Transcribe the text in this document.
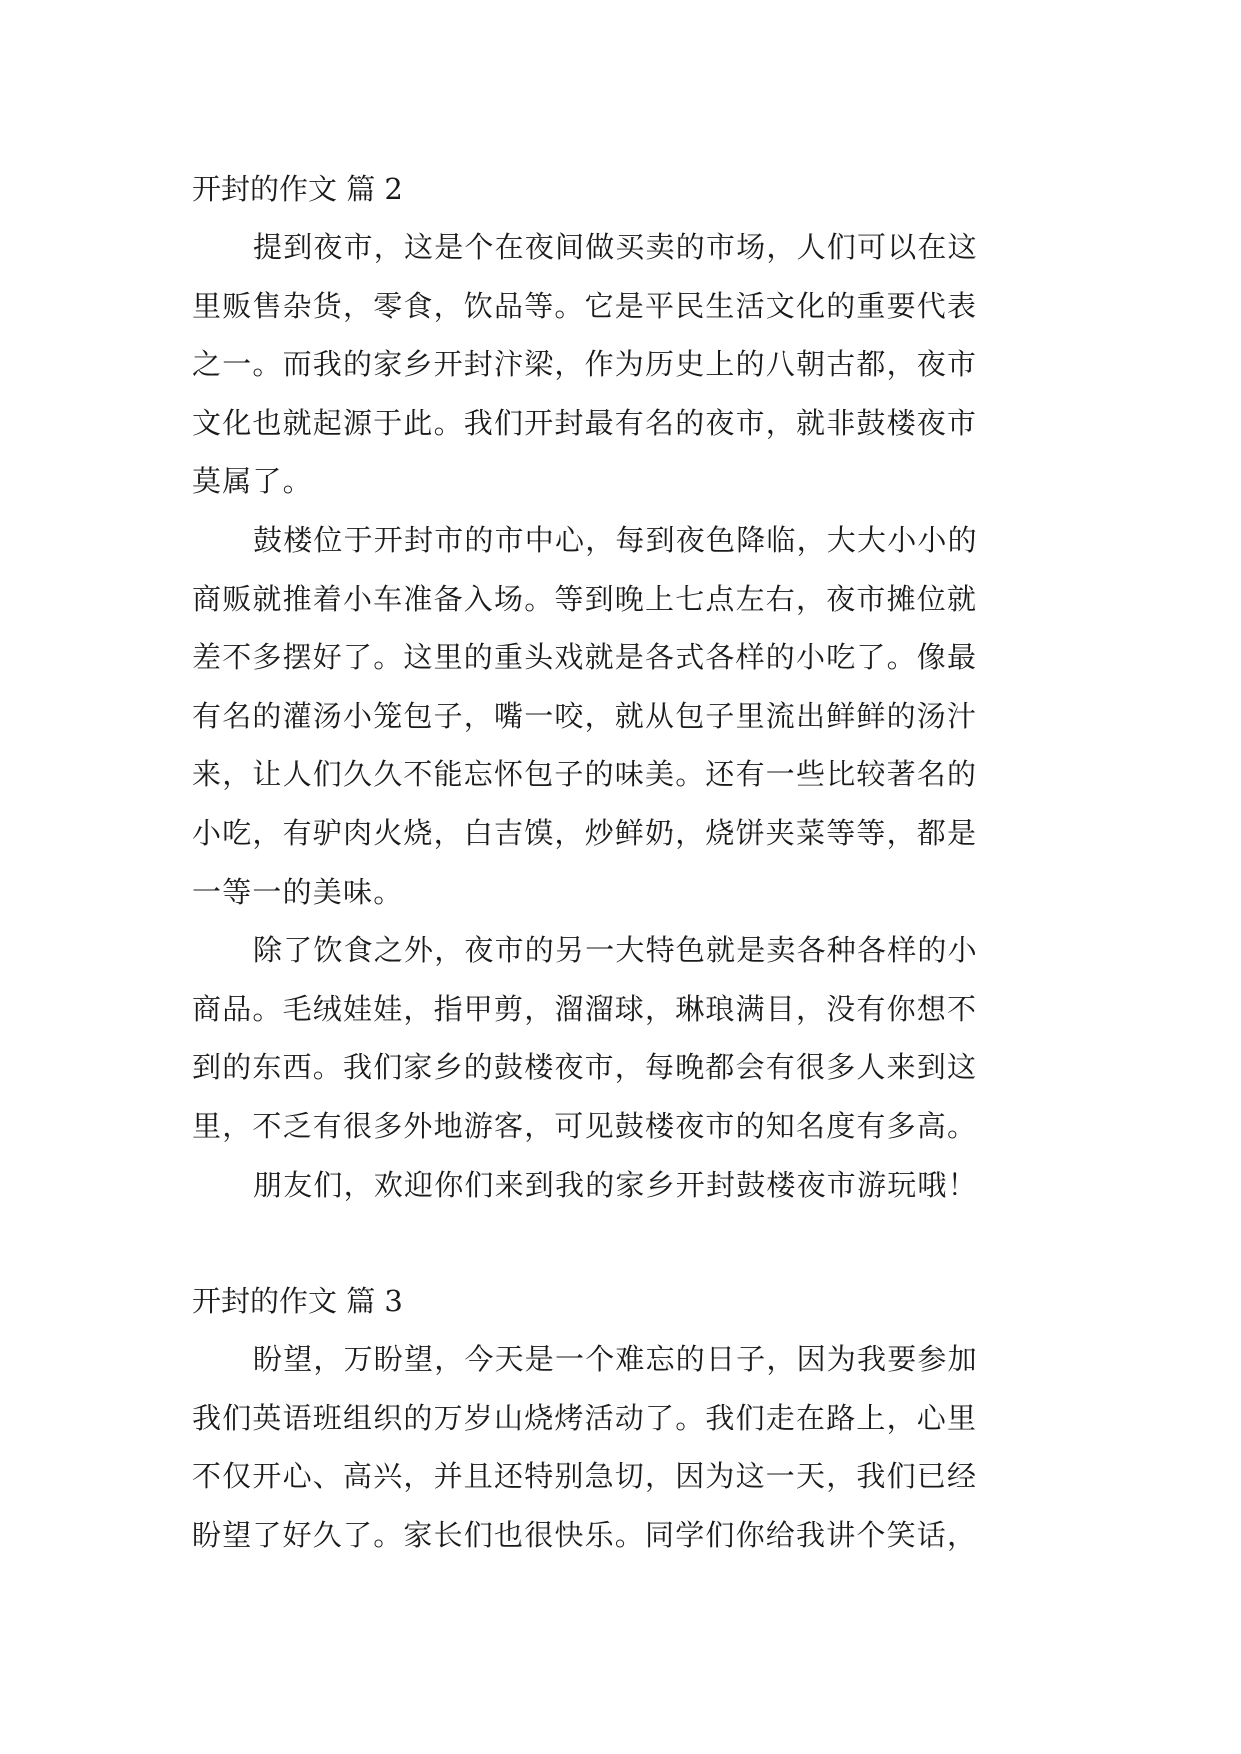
开封的作文 篇 2

提到夜市，这是个在夜间做买卖的市场，人们可以在这

里贩售杂货，零食，饮品等。它是平民生活文化的重要代表

之一。而我的家乡开封汴梁，作为历史上的八朝古都，夜市

文化也就起源于此。我们开封最有名的夜市，就非鼓楼夜市

莫属了。

鼓楼位于开封市的市中心，每到夜色降临，大大小小的

商贩就推着小车准备入场。等到晚上七点左右，夜市摊位就

差不多摆好了。这里的重头戏就是各式各样的小吃了。像最

有名的灌汤小笼包子，嘴一咬，就从包子里流出鲜鲜的汤汁

来，让人们久久不能忘怀包子的味美。还有一些比较著名的

小吃，有驴肉火烧，白吉馍，炒鲜奶，烧饼夹菜等等，都是

一等一的美味。

除了饮食之外，夜市的另一大特色就是卖各种各样的小

商品。毛绒娃娃，指甲剪，溜溜球，琳琅满目，没有你想不

到的东西。我们家乡的鼓楼夜市，每晚都会有很多人来到这

里，不乏有很多外地游客，可见鼓楼夜市的知名度有多高。

朋友们，欢迎你们来到我的家乡开封鼓楼夜市游玩哦！

开封的作文 篇 3

盼望，万盼望，今天是一个难忘的日子，因为我要参加

我们英语班组织的万岁山烧烤活动了。我们走在路上，心里

不仅开心、高兴，并且还特别急切，因为这一天，我们已经

盼望了好久了。家长们也很快乐。同学们你给我讲个笑话，
